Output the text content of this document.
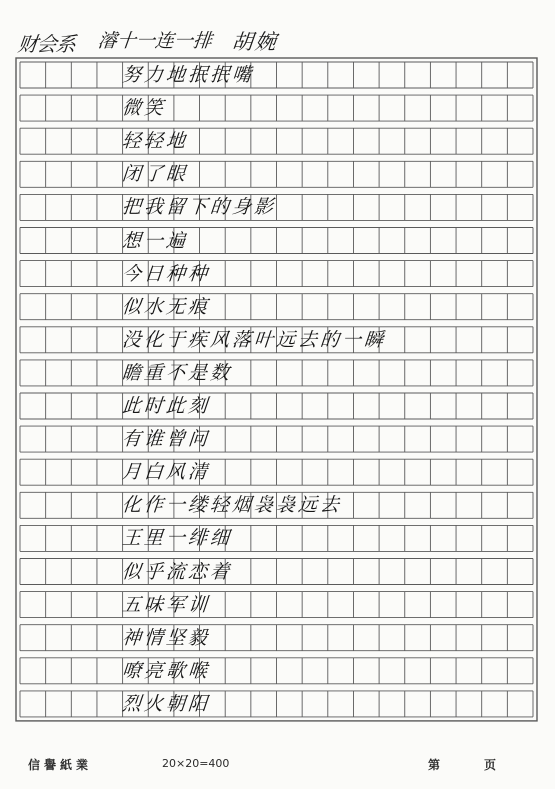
财会系 濬十一连一排 胡婉
努力地抿抿嘴
微笑
轻轻地
闭了眼
把我留下的身影
想一遍
今日种种
似水无痕
没化于疾风落叶远去的一瞬
瞻重不是数
此时此刻
有谁曾问
月白风清
化作一缕轻烟袅袅远去
王里一绯细
似乎流恋着
五味军训
神情坚毅
嘹亮歌喉
烈火朝阳
信譽紙業	20×20=400	第	页
